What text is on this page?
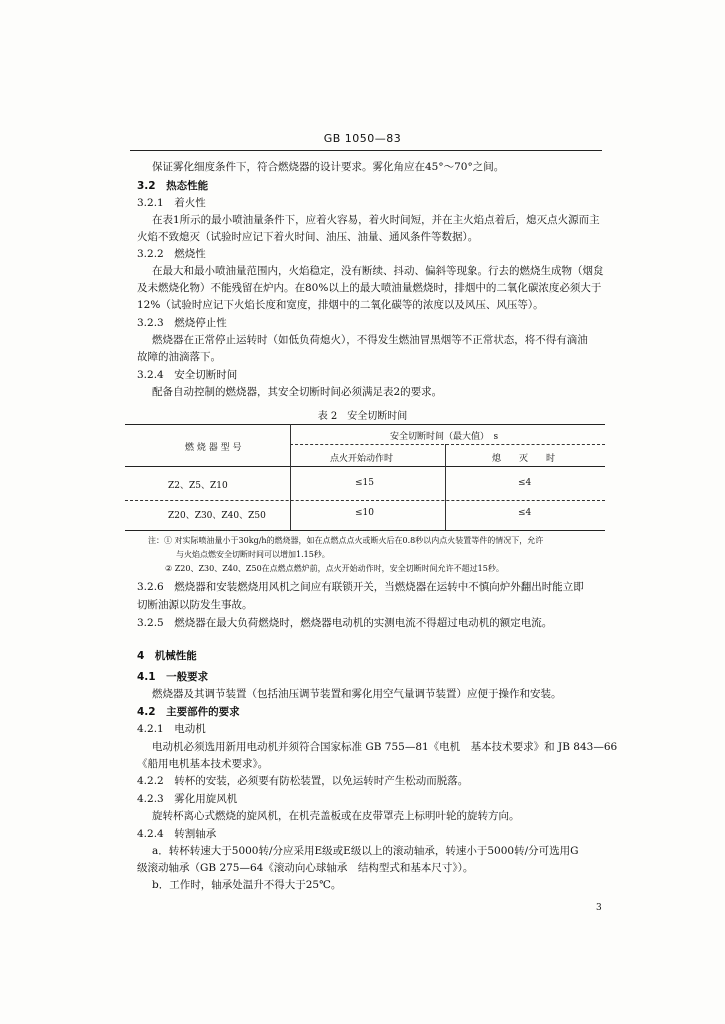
GB 1050—83
保证雾化细度条件下，符合燃烧器的设计要求。雾化角应在45°～70°之间。
3.2　热态性能
3.2.1　着火性
在表1所示的最小喷油量条件下，应着火容易，着火时间短，并在主火焰点着后，熄灭点火源而主
火焰不致熄灭（试验时应记下着火时间、油压、油量、通风条件等数据）。
3.2.2　燃烧性
在最大和最小喷油量范围内，火焰稳定，没有断续、抖动、偏斜等现象。行去的燃烧生成物（烟炱
及未燃烧化物）不能残留在炉内。在80%以上的最大喷油量燃烧时，排烟中的二氧化碳浓度必须大于
12%（试验时应记下火焰长度和宽度，排烟中的二氧化碳等的浓度以及风压、风压等）。
3.2.3　燃烧停止性
燃烧器在正常停止运转时（如低负荷熄火），不得发生燃油冒黑烟等不正常状态，将不得有滴油
故障的油滴落下。
3.2.4　安全切断时间
配备自动控制的燃烧器，其安全切断时间必须满足表2的要求。
表 2　安全切断时间
燃 烧 器 型 号
安全切断时间（最大值）　s
点火开始动作时	熄　　灭　　时
Z2、Z5、Z10	≤15	≤4
Z20、Z30、Z40、Z50	≤10	≤4
注：① 对实际喷油量小于30kg/h的燃烧器，如在点燃点点火或断火后在0.8秒以内点火装置等件的情况下，允许
与火焰点燃安全切断时间可以增加1.15秒。
② Z20、Z30、Z40、Z50在点燃点燃炉前，点火开始动作时，安全切断时间允许不超过15秒。
3.2.6　燃烧器和安装燃烧用风机之间应有联锁开关，当燃烧器在运转中不慎向炉外翻出时能立即
切断油源以防发生事故。
3.2.5　燃烧器在最大负荷燃烧时，燃烧器电动机的实测电流不得超过电动机的额定电流。
4　机械性能
4.1　一般要求
燃烧器及其调节装置（包括油压调节装置和雾化用空气量调节装置）应便于操作和安装。
4.2　主要部件的要求
4.2.1　电动机
电动机必须选用新用电动机并须符合国家标准 GB 755—81《电机　基本技术要求》和 JB 843—66
《船用电机基本技术要求》。
4.2.2　转杯的安装，必须要有防松装置，以免运转时产生松动而脱落。
4.2.3　雾化用旋风机
旋转杯离心式燃烧的旋风机，在机壳盖板或在皮带罩壳上标明叶轮的旋转方向。
4.2.4　转割轴承
a．转杯转速大于5000转/分应采用E级或E级以上的滚动轴承，转速小于5000转/分可选用G
级滚动轴承（GB 275—64《滚动向心球轴承　结构型式和基本尺寸》）。
b．工作时，轴承处温升不得大于25℃。
3
